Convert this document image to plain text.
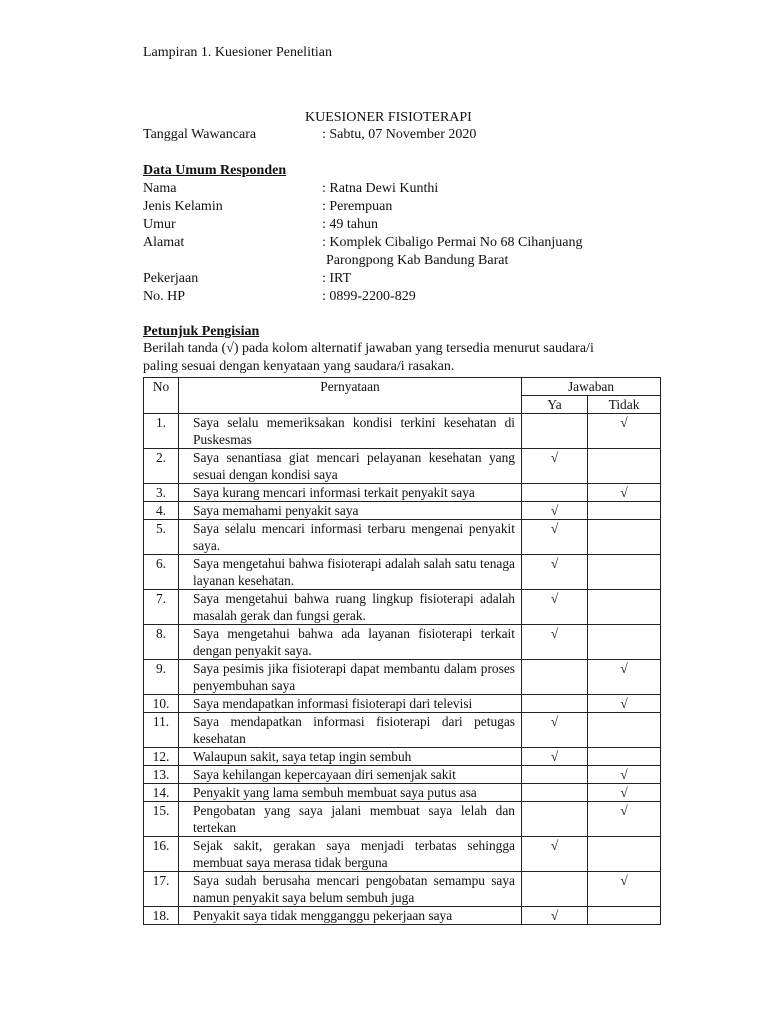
Lampiran 1. Kuesioner Penelitian
KUESIONER FISIOTERAPI
Tanggal Wawancara	: Sabtu, 07 November 2020
Data Umum Responden
Nama	: Ratna Dewi Kunthi
Jenis Kelamin	: Perempuan
Umur	: 49 tahun
Alamat	: Komplek Cibaligo Permai No 68 Cihanjuang
Parongpong Kab Bandung Barat
Pekerjaan	: IRT
No. HP	: 0899-2200-829
Petunjuk Pengisian
Berilah tanda (√) pada kolom alternatif jawaban yang tersedia menurut saudara/i
paling sesuai dengan kenyataan yang saudara/i rasakan.
No	Pernyataan	Jawaban	
		Ya	Tidak
1.	Saya selalu memeriksakan kondisi terkini kesehatan di Puskesmas		√
2.	Saya senantiasa giat mencari pelayanan kesehatan yang sesuai dengan kondisi saya	√	
3.	Saya kurang mencari informasi terkait penyakit saya		√
4.	Saya memahami penyakit saya	√	
5.	Saya selalu mencari informasi terbaru mengenai penyakit saya.	√	
6.	Saya mengetahui bahwa fisioterapi adalah salah satu tenaga layanan kesehatan.	√	
7.	Saya mengetahui bahwa ruang lingkup fisioterapi adalah masalah gerak dan fungsi gerak.	√	
8.	Saya mengetahui bahwa ada layanan fisioterapi terkait dengan penyakit saya.	√	
9.	Saya pesimis jika fisioterapi dapat membantu dalam proses penyembuhan saya		√
10.	Saya mendapatkan informasi fisioterapi dari televisi		√
11.	Saya mendapatkan informasi fisioterapi dari petugas kesehatan	√	
12.	Walaupun sakit, saya tetap ingin sembuh	√	
13.	Saya kehilangan kepercayaan diri semenjak sakit		√
14.	Penyakit yang lama sembuh membuat saya putus asa		√
15.	Pengobatan yang saya jalani membuat saya lelah dan tertekan		√
16.	Sejak sakit, gerakan saya menjadi terbatas sehingga membuat saya merasa tidak berguna	√	
17.	Saya sudah berusaha mencari pengobatan semampu saya namun penyakit saya belum sembuh juga		√
18.	Penyakit saya tidak mengganggu pekerjaan saya	√	
